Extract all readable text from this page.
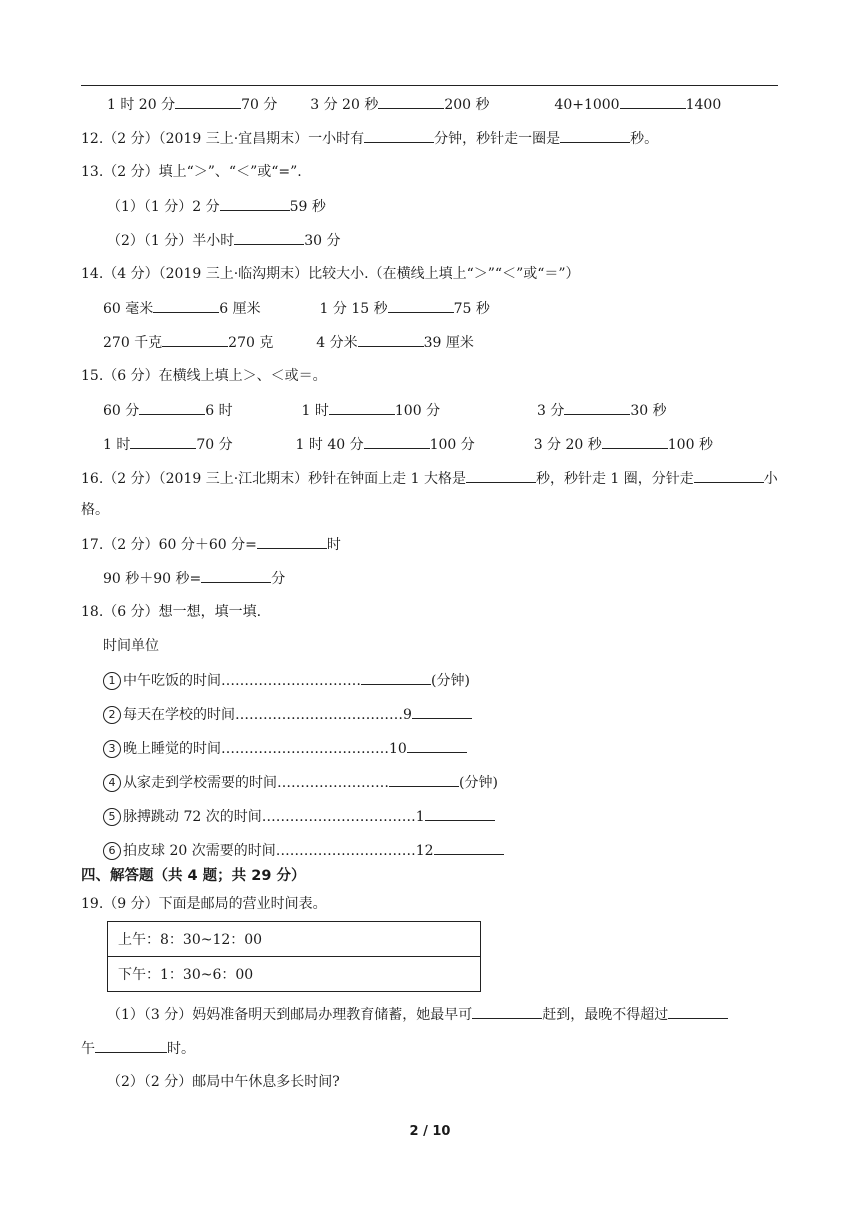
1 时 20 分	70 分 3 分 20 秒	200 秒	40+1000	1400
12.（2 分）（2019 三上·宜昌期末）一小时有	分钟，秒针走一圈是	秒。
13.（2 分）填上“＞”、“＜”或“=”.
（1）（1 分）2 分	59 秒
（2）（1 分）半小时	30 分
14.（4 分）（2019 三上·临沟期末）比较大小.（在横线上填上“＞”“＜”或“＝”）
60 毫米	6 厘米	1 分 15 秒	75 秒
270 千克	270 克	4 分米	39 厘米
15.（6 分）在横线上填上＞、＜或＝。
60 分	6 时	1 时	100 分	3 分	30 秒
1 时	70 分	1 时 40 分	100 分	3 分 20 秒	100 秒
16.（2 分）（2019 三上·江北期末）秒针在钟面上走 1 大格是	秒，秒针走 1 圈，分针走	小
格。
17.（2 分）60 分＋60 分=	时
90 秒＋90 秒=	分
18.（6 分）想一想，填一填.
时间单位
1 中午吃饭的时间…………………………	(分钟)
2 每天在学校的时间………………………………9
3 晚上睡觉的时间………………………………10
4 从家走到学校需要的时间……………………	(分钟)
5 脉搏跳动 72 次的时间……………………………1
6 拍皮球 20 次需要的时间…………………………12
四、解答题（共 4 题；共 29 分）
19.（9 分）下面是邮局的营业时间表。
上午：8：30~12：00
下午：1：30~6：00
（1）（3 分）妈妈准备明天到邮局办理教育储蓄，她最早可	赶到，最晚不得超过
午	时。
（2）（2 分）邮局中午休息多长时间?
2 / 10
